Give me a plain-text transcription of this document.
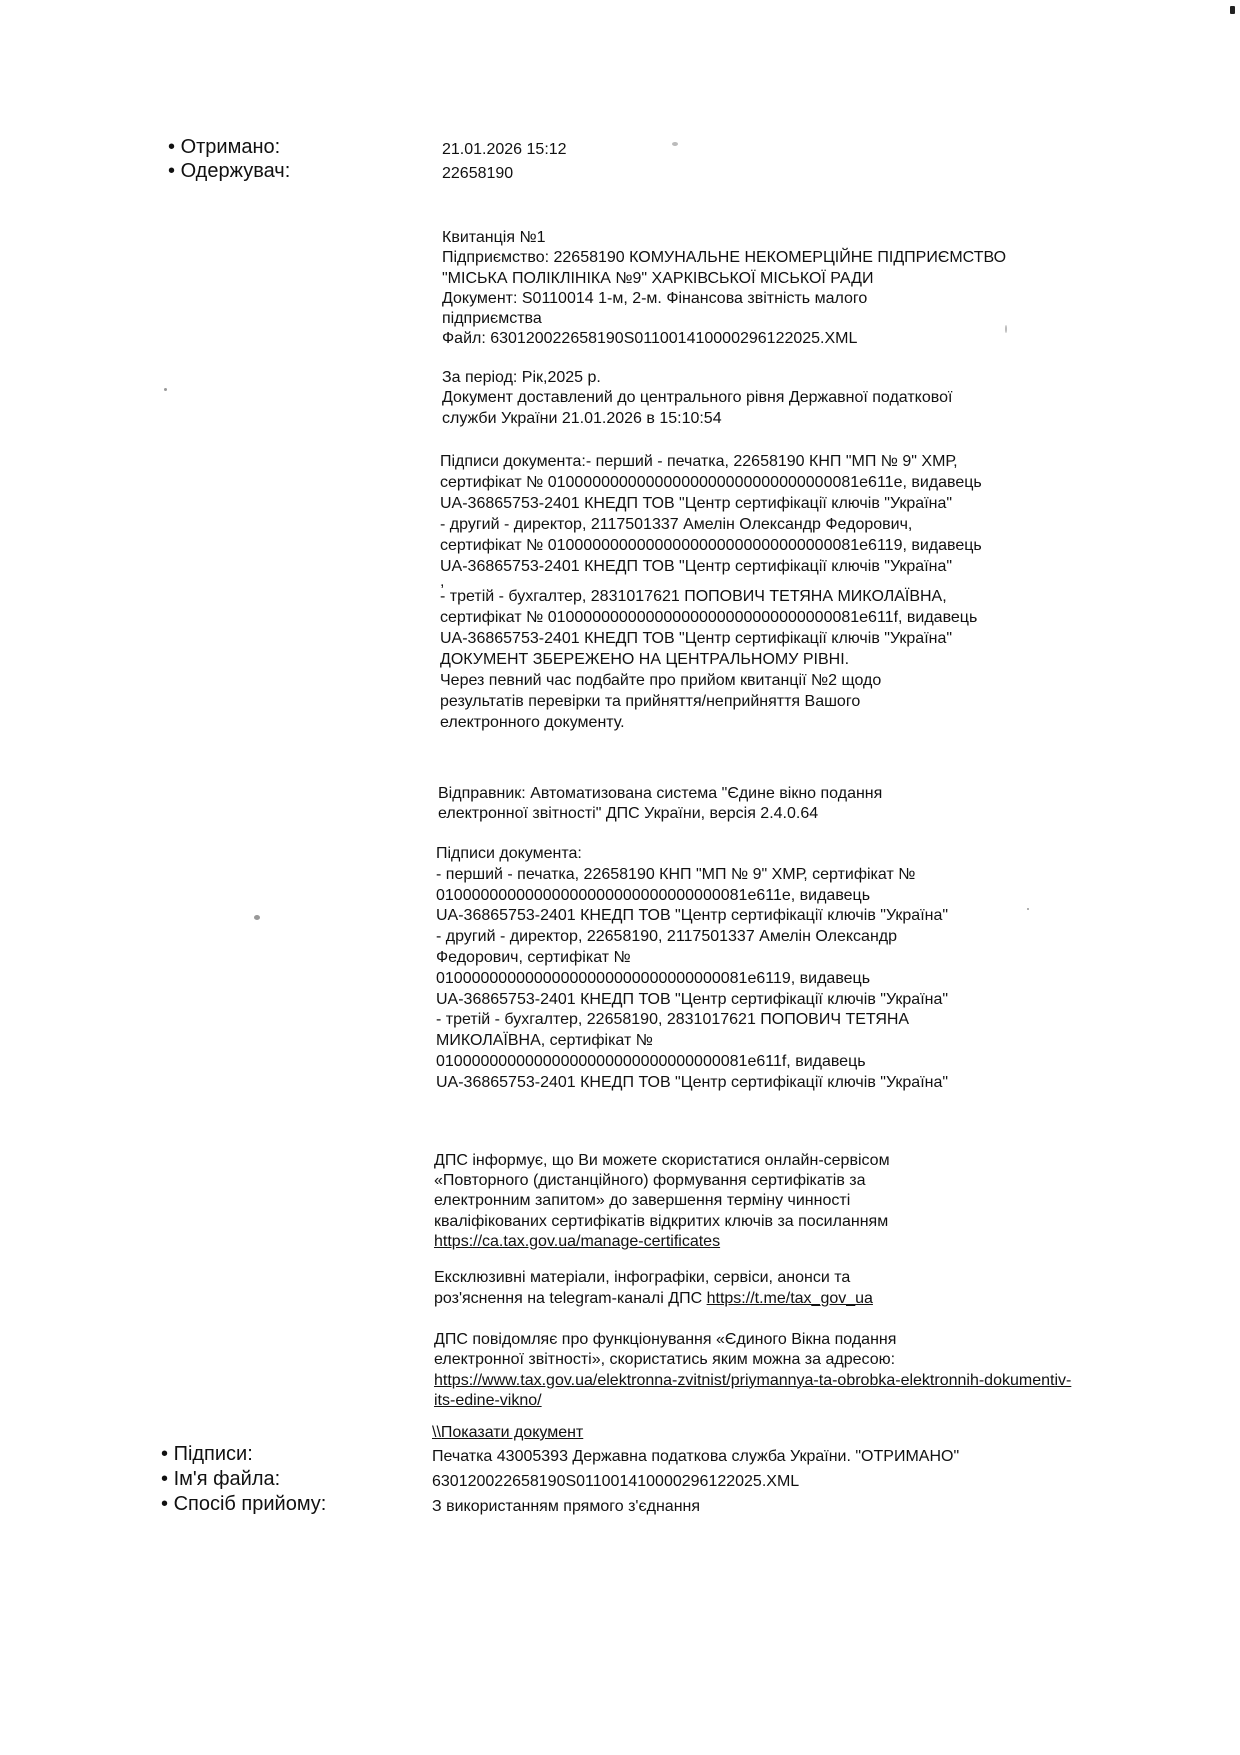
• Отримано:	21.01.2026 15:12
• Одержувач:	22658190
Квитанція №1
Підприємство: 22658190 КОМУНАЛЬНЕ НЕКОМЕРЦІЙНЕ ПІДПРИЄМСТВО
"МІСЬКА ПОЛІКЛІНІКА №9" ХАРКІВСЬКОЇ МІСЬКОЇ РАДИ
Документ: S0110014 1-м, 2-м. Фінансова звітність малого
підприємства
Файл: 630120022658190S01100141000029612​2025.XML
За період: Рік,2025 р.
Документ доставлений до центрального рівня Державної податкової
служби України 21.01.2026 в 15:10:54
Підписи документа:- перший - печатка, 22658190 КНП "МП № 9" ХМР,
сертифікат № 01000000000000000000000000000000081e611e, видавець
UA-36865753-2401 КНЕДП ТОВ "Центр сертифікації ключів "Україна"
- другий - директор, 2117501337 Амелін Олександр Федорович,
сертифікат № 01000000000000000000000000000000081e6119, видавець
UA-36865753-2401 КНЕДП ТОВ "Центр сертифікації ключів "Україна"
,
- третій - бухгалтер, 2831017621 ПОПОВИЧ ТЕТЯНА МИКОЛАЇВНА,
сертифікат № 01000000000000000000000000000000081e611f, видавець
UA-36865753-2401 КНЕДП ТОВ "Центр сертифікації ключів "Україна"
ДОКУМЕНТ ЗБЕРЕЖЕНО НА ЦЕНТРАЛЬНОМУ РІВНІ.
Через певний час подбайте про прийом квитанції №2 щодо
результатів перевірки та прийняття/неприйняття Вашого
електронного документу.
Відправник: Автоматизована система "Єдине вікно подання
електронної звітності" ДПС України, версія 2.4.0.64
Підписи документа:
- перший - печатка, 22658190 КНП "МП № 9" ХМР, сертифікат №
01000000000000000000000000000000081e611e, видавець
UA-36865753-2401 КНЕДП ТОВ "Центр сертифікації ключів "Україна"
- другий - директор, 22658190, 2117501337 Амелін Олександр
Федорович, сертифікат №
01000000000000000000000000000000081e6119, видавець
UA-36865753-2401 КНЕДП ТОВ "Центр сертифікації ключів "Україна"
- третій - бухгалтер, 22658190, 2831017621 ПОПОВИЧ ТЕТЯНА
МИКОЛАЇВНА, сертифікат №
01000000000000000000000000000000081e611f, видавець
UA-36865753-2401 КНЕДП ТОВ "Центр сертифікації ключів "Україна"
ДПС інформує, що Ви можете скористатися онлайн-сервісом
«Повторного (дистанційного) формування сертифікатів за
електронним запитом» до завершення терміну чинності
кваліфікованих сертифікатів відкритих ключів за посиланням
https://ca.tax.gov.ua/manage-certificates
Ексклюзивні матеріали, інфографіки, сервіси, анонси та
роз'яснення на telegram-каналі ДПС https://t.me/tax_gov_ua
ДПС повідомляє про функціонування «Єдиного Вікна подання
електронної звітності», скористатись яким можна за адресою:
https://www.tax.gov.ua/elektronna-zvitnist/priymannya-ta-obrobka-elektronnih-dokumentiv-
its-edine-vikno/
\\Показати документ
• Підписи:	Печатка 43005393 Державна податкова служба України. "ОТРИМАНО"
• Ім'я файла:	630120022658190S011001410000296122025.XML
• Спосіб прийому:	З використанням прямого з'єднання
